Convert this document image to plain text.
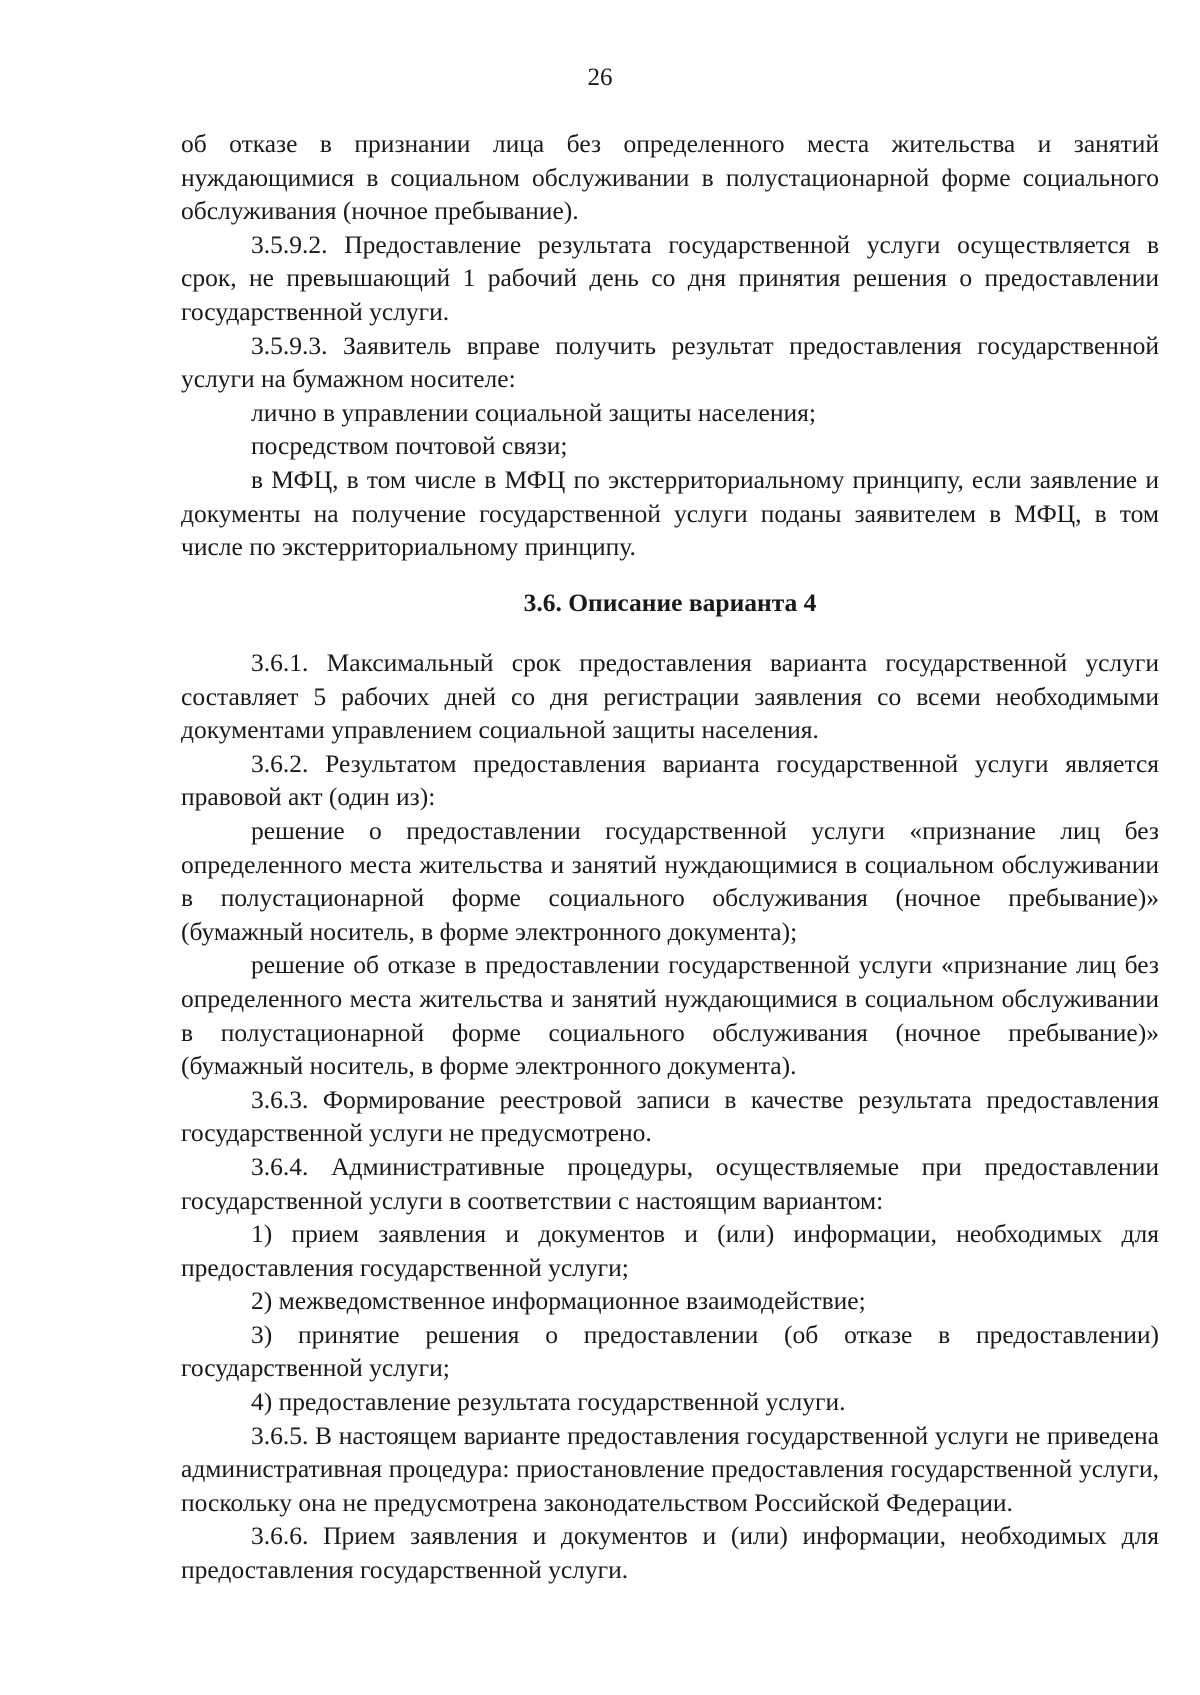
26

об отказе в признании лица без определенного места жительства и занятий нуждающимися в социальном обслуживании в полустационарной форме социального обслуживания (ночное пребывание).

3.5.9.2. Предоставление результата государственной услуги осуществляется в срок, не превышающий 1 рабочий день со дня принятия решения о предоставлении государственной услуги.

3.5.9.3. Заявитель вправе получить результат предоставления государственной услуги на бумажном носителе:

лично в управлении социальной защиты населения;

посредством почтовой связи;

в МФЦ, в том числе в МФЦ по экстерриториальному принципу, если заявление и документы на получение государственной услуги поданы заявителем в МФЦ, в том числе по экстерриториальному принципу.

3.6. Описание варианта 4

3.6.1. Максимальный срок предоставления варианта государственной услуги составляет 5 рабочих дней со дня регистрации заявления со всеми необходимыми документами управлением социальной защиты населения.

3.6.2. Результатом предоставления варианта государственной услуги является правовой акт (один из):

решение о предоставлении государственной услуги «признание лиц без определенного места жительства и занятий нуждающимися в социальном обслуживании в полустационарной форме социального обслуживания (ночное пребывание)» (бумажный носитель, в форме электронного документа);

решение об отказе в предоставлении государственной услуги «признание лиц без определенного места жительства и занятий нуждающимися в социальном обслуживании в полустационарной форме социального обслуживания (ночное пребывание)» (бумажный носитель, в форме электронного документа).

3.6.3. Формирование реестровой записи в качестве результата предоставления государственной услуги не предусмотрено.

3.6.4. Административные процедуры, осуществляемые при предоставлении государственной услуги в соответствии с настоящим вариантом:

1) прием заявления и документов и (или) информации, необходимых для предоставления государственной услуги;

2) межведомственное информационное взаимодействие;

3) принятие решения о предоставлении (об отказе в предоставлении) государственной услуги;

4) предоставление результата государственной услуги.

3.6.5. В настоящем варианте предоставления государственной услуги не приведена административная процедура: приостановление предоставления государственной услуги, поскольку она не предусмотрена законодательством Российской Федерации.

3.6.6. Прием заявления и документов и (или) информации, необходимых для предоставления государственной услуги.
